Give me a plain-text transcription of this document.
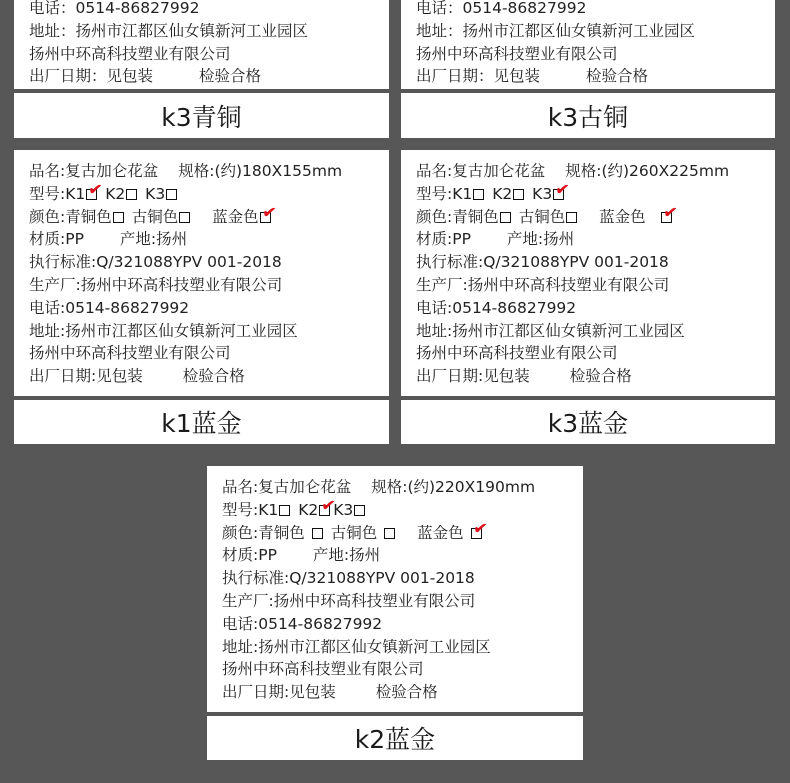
电话：0514-86827992
地址：扬州市江都区仙女镇新河工业园区
扬州中环高科技塑业有限公司
出厂日期：见包装	检验合格
k3青铜
电话：0514-86827992
地址：扬州市江都区仙女镇新河工业园区
扬州中环高科技塑业有限公司
出厂日期：见包装	检验合格
k3古铜
品名:复古加仑花盆 规格:(约)180X155mm
型号:K1 ✔ K2 K3
颜色:青铜色 古铜色 蓝金色 ✔
材质:PP 产地:扬州
执行标准:Q/321088YPV 001-2018
生产厂:扬州中环高科技塑业有限公司
电话:0514-86827992
地址:扬州市江都区仙女镇新河工业园区
扬州中环高科技塑业有限公司
出厂日期:见包装	检验合格
k1蓝金
品名:复古加仑花盆 规格:(约)260X225mm
型号:K1 K2 K3 ✔
颜色:青铜色 古铜色 蓝金色 ✔
材质:PP 产地:扬州
执行标准:Q/321088YPV 001-2018
生产厂:扬州中环高科技塑业有限公司
电话:0514-86827992
地址:扬州市江都区仙女镇新河工业园区
扬州中环高科技塑业有限公司
出厂日期:见包装	检验合格
k3蓝金
品名:复古加仑花盆 规格:(约)220X190mm
型号:K1 K2 ✔
K3
颜色:青铜色 古铜色	蓝金色 ✔
材质:PP 产地:扬州
执行标准:Q/321088YPV 001-2018
生产厂:扬州中环高科技塑业有限公司
电话:0514-86827992
地址:扬州市江都区仙女镇新河工业园区
扬州中环高科技塑业有限公司
出厂日期:见包装	检验合格
k2蓝金
